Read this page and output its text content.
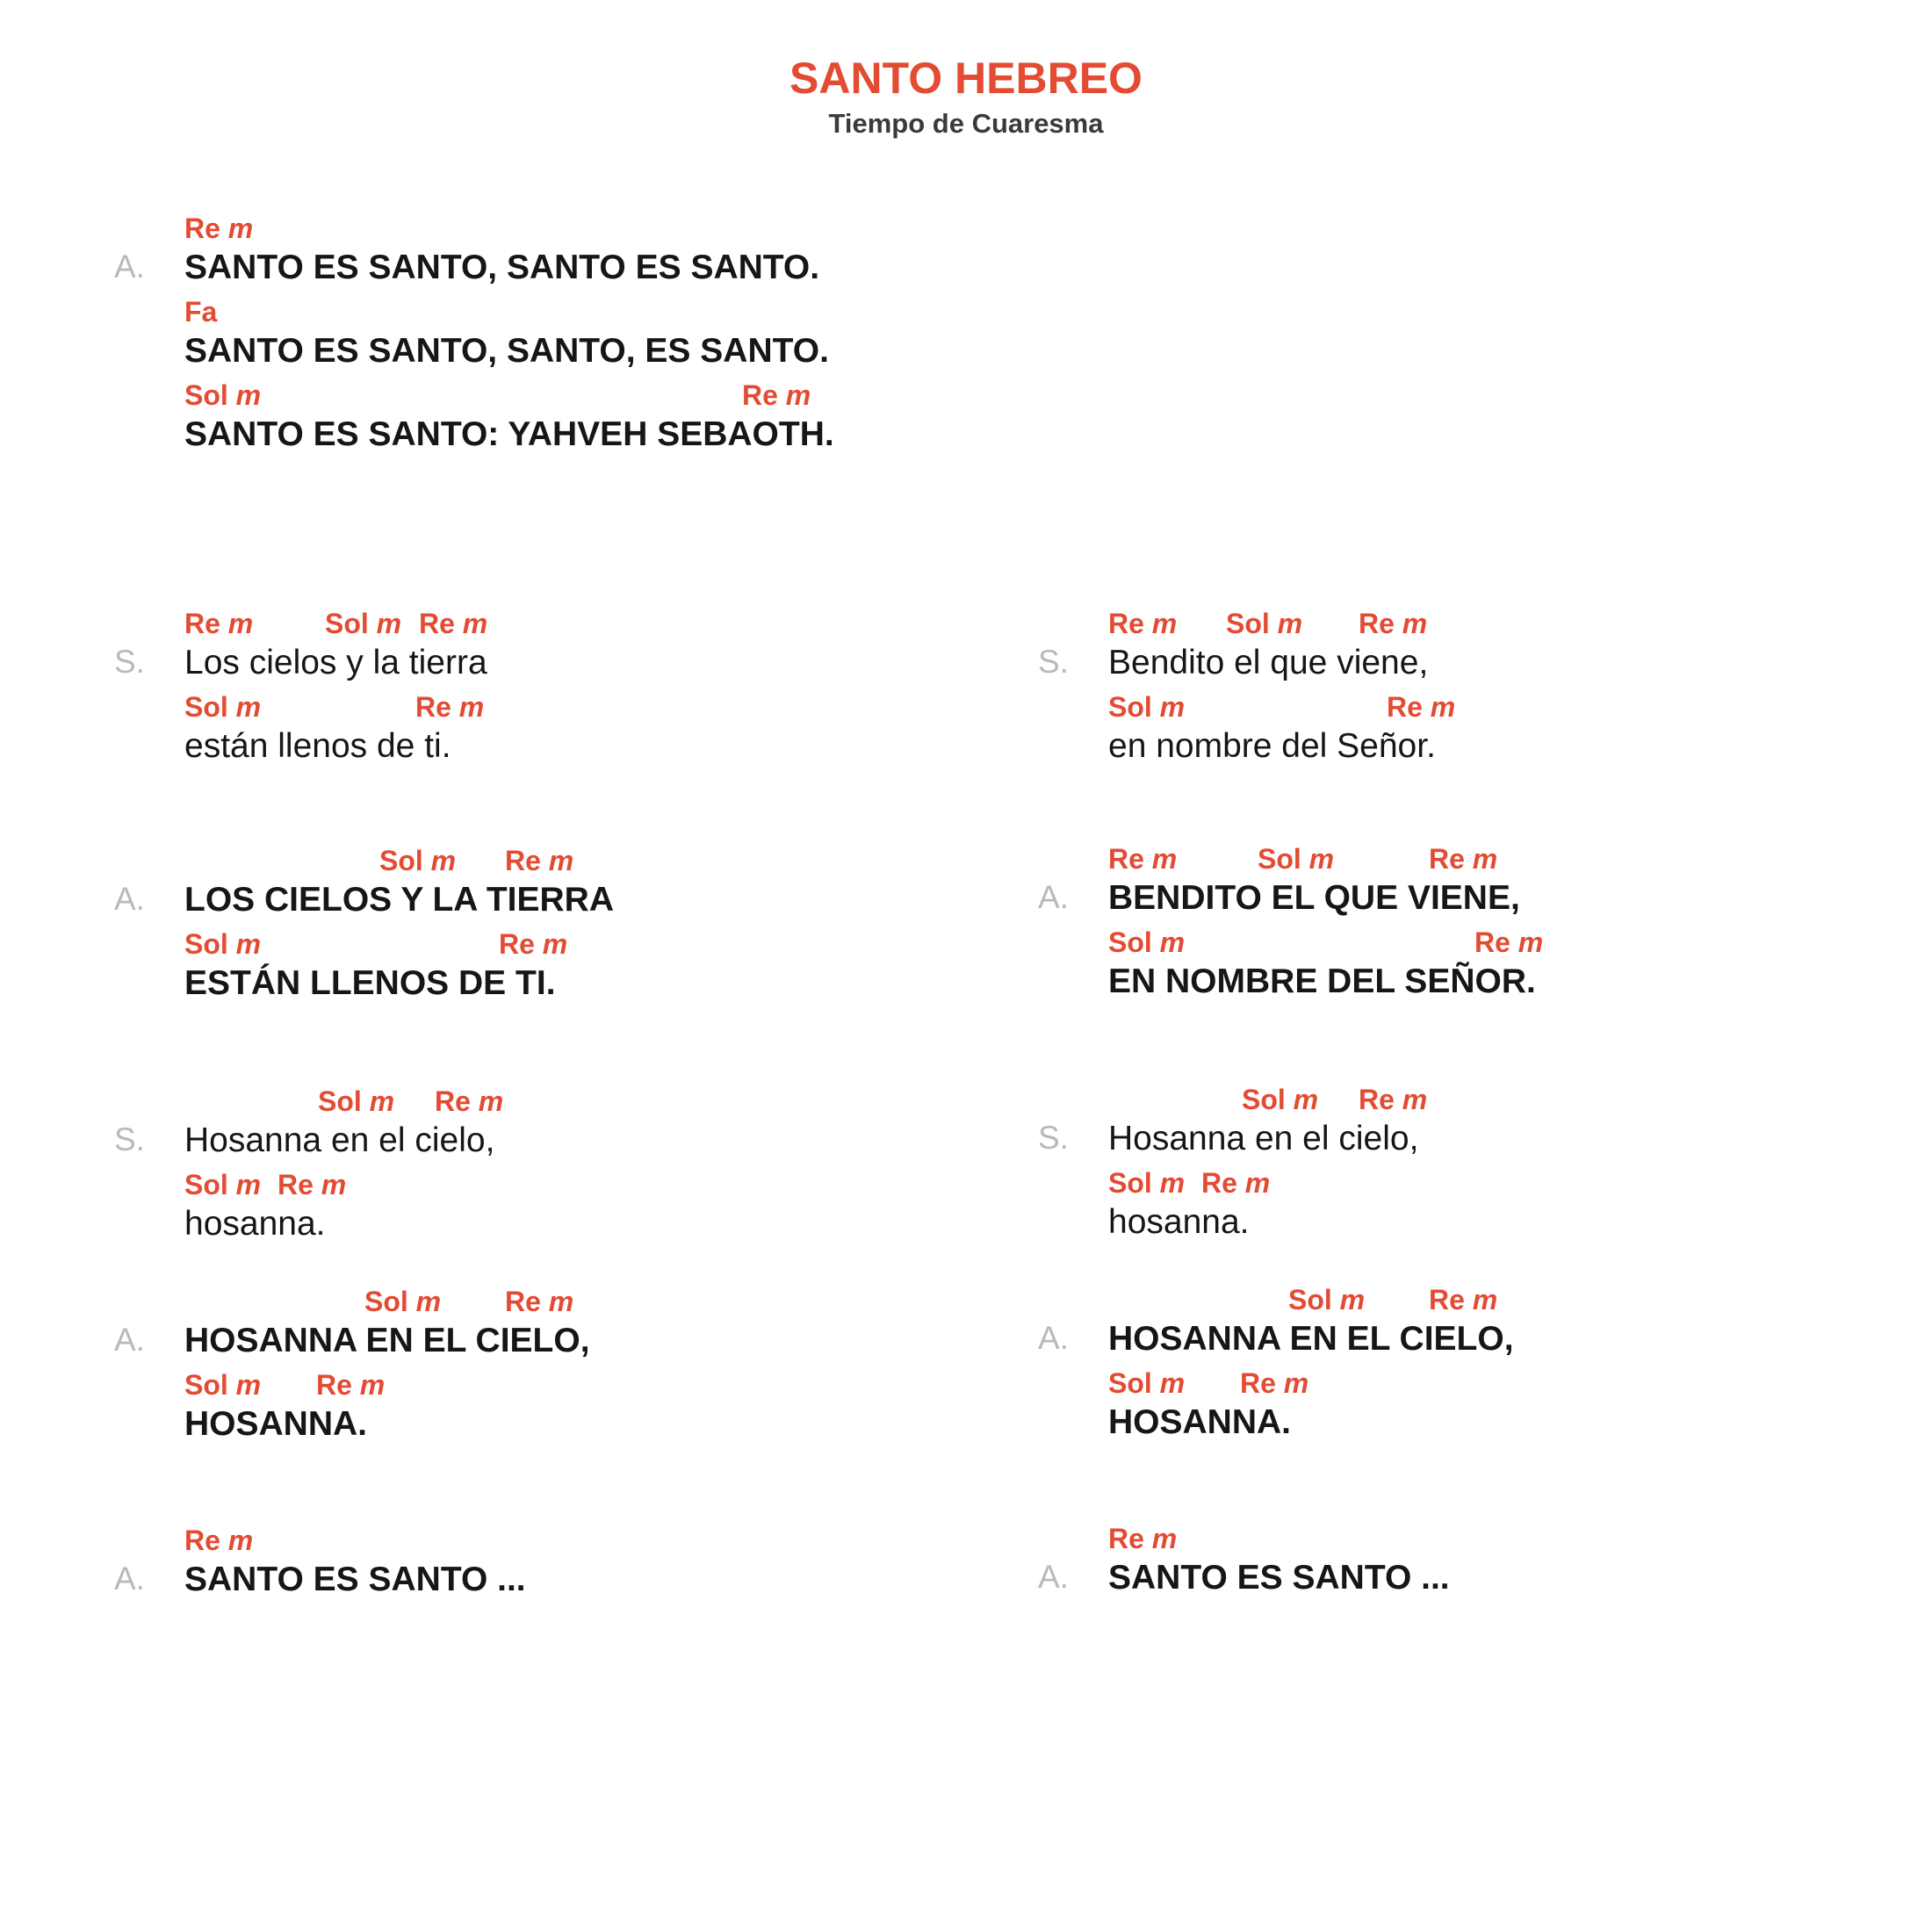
SANTO HEBREO
Tiempo de Cuaresma
A.
Re m
SANTO ES SANTO, SANTO ES SANTO.
Fa
SANTO ES SANTO, SANTO, ES SANTO.
Sol m	Re m
SANTO ES SANTO: YAHVEH SEBAOTH.
S.
Re m	Sol m Re m
Los cielos y la tierra
Sol m	Re m
están llenos de ti.
A.
Sol m Re m
LOS CIELOS Y LA TIERRA
Sol m	Re m
ESTÁN LLENOS DE TI.
S.
Sol m Re m
Hosanna en el cielo,
Sol m Re m
hosanna.
A.
Sol m Re m
HOSANNA EN EL CIELO,
Sol m Re m
HOSANNA.
A.
Re m
SANTO ES SANTO ...
S.
Re m Sol m Re m
Bendito el que viene,
Sol m	Re m
en nombre del Señor.
A.
Re m	Sol m	Re m
BENDITO EL QUE VIENE,
Sol m	Re m
EN NOMBRE DEL SEÑOR.
S.
Sol m Re m
Hosanna en el cielo,
Sol m Re m
hosanna.
A.
Sol m Re m
HOSANNA EN EL CIELO,
Sol m Re m
HOSANNA.
A.
Re m
SANTO ES SANTO ...
